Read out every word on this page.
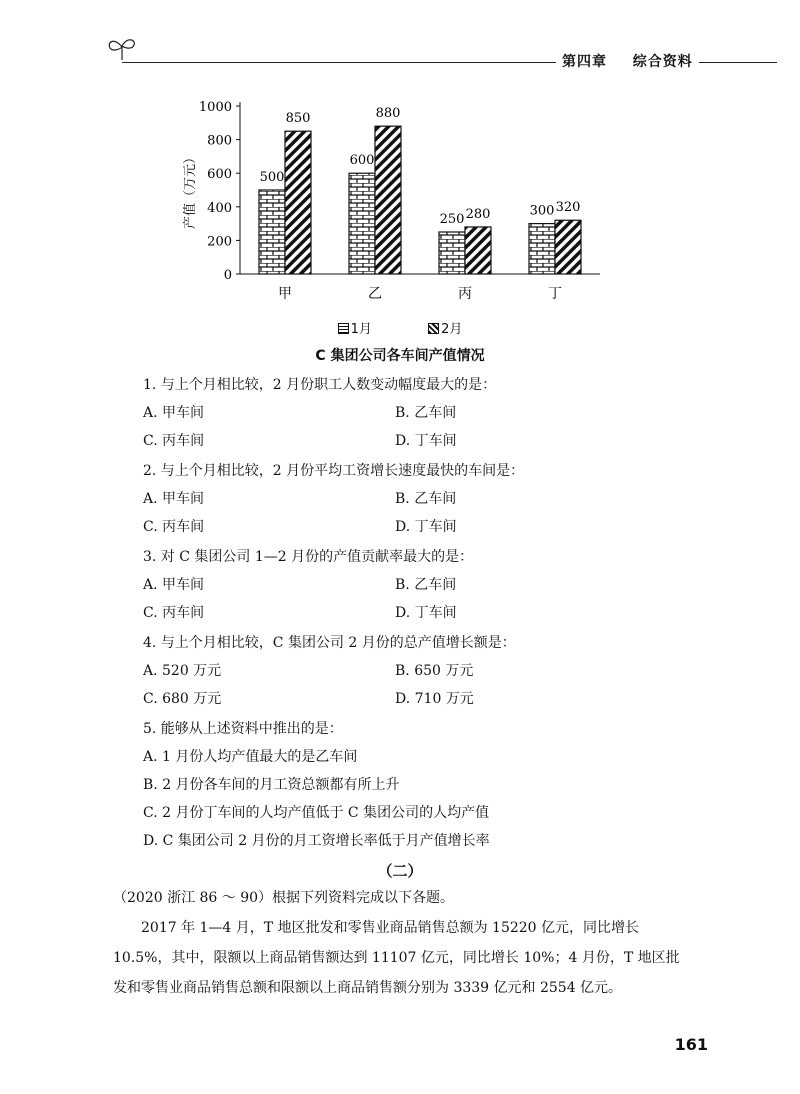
第四章 综合资料
0
200
400
600
800
1000
产值（万元）	500
850
甲
600
880
乙
250 280
丙
300 320
丁
1月	2月
C 集团公司各车间产值情况
1. 与上个月相比较，2 月份职工人数变动幅度最大的是：
A. 甲车间	B. 乙车间
C. 丙车间	D. 丁车间
2. 与上个月相比较，2 月份平均工资增长速度最快的车间是：
A. 甲车间	B. 乙车间
C. 丙车间	D. 丁车间
3. 对 C 集团公司 1—2 月份的产值贡献率最大的是：
A. 甲车间	B. 乙车间
C. 丙车间	D. 丁车间
4. 与上个月相比较，C 集团公司 2 月份的总产值增长额是：
A. 520 万元	B. 650 万元
C. 680 万元	D. 710 万元
5. 能够从上述资料中推出的是：
A. 1 月份人均产值最大的是乙车间
B. 2 月份各车间的月工资总额都有所上升
C. 2 月份丁车间的人均产值低于 C 集团公司的人均产值
D. C 集团公司 2 月份的月工资增长率低于月产值增长率
（二）

（2020 浙江 86 ～ 90）根据下列资料完成以下各题。

2017 年 1—4 月，T 地区批发和零售业商品销售总额为 15220 亿元，同比增长 10.5%，其中，限额以上商品销售额达到 11107 亿元，同比增长 10%；4 月份，T 地区批发和零售业商品销售总额和限额以上商品销售额分别为 3339 亿元和 2554 亿元。

161
